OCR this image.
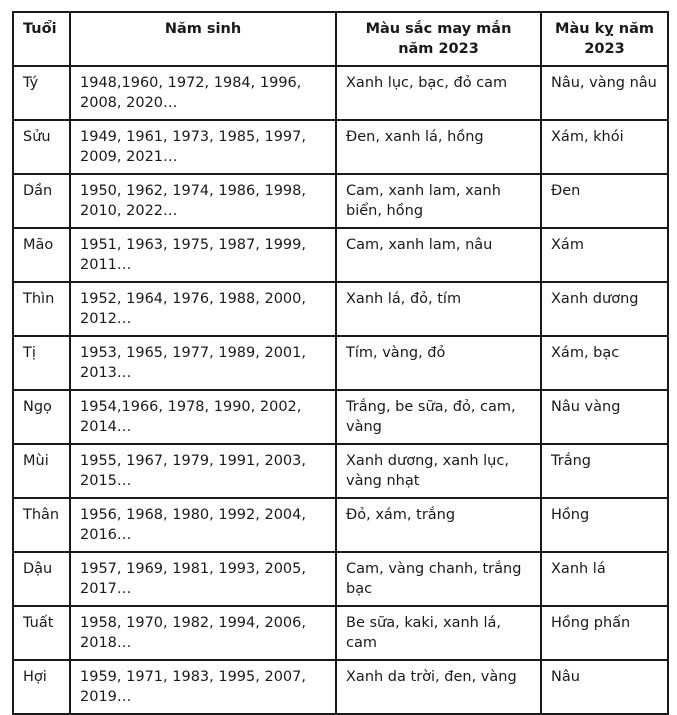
Tuổi	Năm sinh	Màu sắc may mắn năm 2023	Màu kỵ năm 2023
Tý	1948,1960, 1972, 1984, 1996, 2008, 2020…	Xanh lục, bạc, đỏ cam	Nâu, vàng nâu
Sửu	1949, 1961, 1973, 1985, 1997, 2009, 2021…	Đen, xanh lá, hồng	Xám, khói
Dần	1950, 1962, 1974, 1986, 1998, 2010, 2022…	Cam, xanh lam, xanh biển, hồng	Đen
Mão	1951, 1963, 1975, 1987, 1999, 2011…	Cam, xanh lam, nâu	Xám
Thìn	1952, 1964, 1976, 1988, 2000, 2012…	Xanh lá, đỏ, tím	Xanh dương
Tị	1953, 1965, 1977, 1989, 2001, 2013…	Tím, vàng, đỏ	Xám, bạc
Ngọ	1954,1966, 1978, 1990, 2002, 2014…	Trắng, be sữa, đỏ, cam, vàng	Nâu vàng
Mùi	1955, 1967, 1979, 1991, 2003, 2015…	Xanh dương, xanh lục, vàng nhạt	Trắng
Thân	1956, 1968, 1980, 1992, 2004, 2016…	Đỏ, xám, trắng	Hồng
Dậu	1957, 1969, 1981, 1993, 2005, 2017…	Cam, vàng chanh, trắng bạc	Xanh lá
Tuất	1958, 1970, 1982, 1994, 2006, 2018…	Be sữa, kaki, xanh lá, cam	Hồng phấn
Hợi	1959, 1971, 1983, 1995, 2007, 2019…	Xanh da trời, đen, vàng	Nâu
